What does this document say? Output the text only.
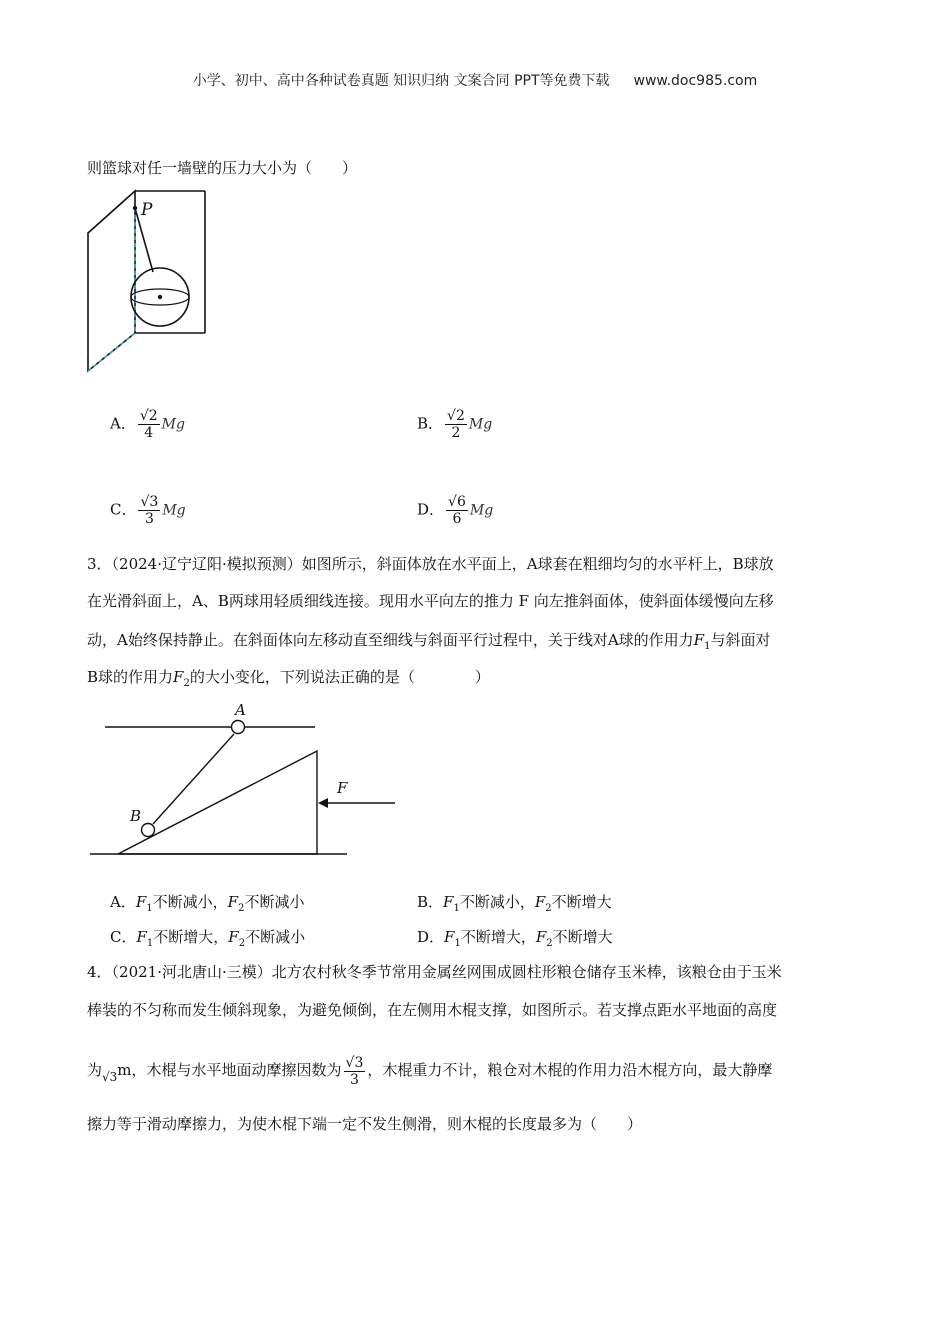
小学、初中、高中各种试卷真题 知识归纳 文案合同 PPT等免费下载 www.doc985.com
则篮球对任一墙壁的压力大小为（　　）
P
A． $\frac{√2}{4}$ Mg	B． $\frac{√2}{2}$ Mg
C． $\frac{√3}{3}$ Mg	D． $\frac{√6}{6}$ Mg
3．（2024·辽宁辽阳·模拟预测）如图所示，斜面体放在水平面上，A球套在粗细均匀的水平杆上，B球放
在光滑斜面上，A、B两球用轻质细线连接。现用水平向左的推力 F 向左推斜面体，使斜面体缓慢向左移
动，A始终保持静止。在斜面体向左移动直至细线与斜面平行过程中，关于线对A球的作用力$F_1$与斜面对
B球的作用力$F_2$的大小变化，下列说法正确的是（　　　　）
A
B
F
A．$F_1$不断减小，$F_2$不断减小	B．$F_1$不断减小，$F_2$不断增大
C．$F_1$不断增大，$F_2$不断减小	D．$F_1$不断增大，$F_2$不断增大
4．（2021·河北唐山·三模）北方农村秋冬季节常用金属丝网围成圆柱形粮仓储存玉米棒，该粮仓由于玉米
棒装的不匀称而发生倾斜现象，为避免倾倒，在左侧用木棍支撑，如图所示。若支撑点距水平地面的高度
为$_{√3}$m，木棍与水平地面动摩擦因数为 $\frac{√3}{3}$ ，木棍重力不计，粮仓对木棍的作用力沿木棍方向，最大静摩
擦力等于滑动摩擦力，为使木棍下端一定不发生侧滑，则木棍的长度最多为（　　）
